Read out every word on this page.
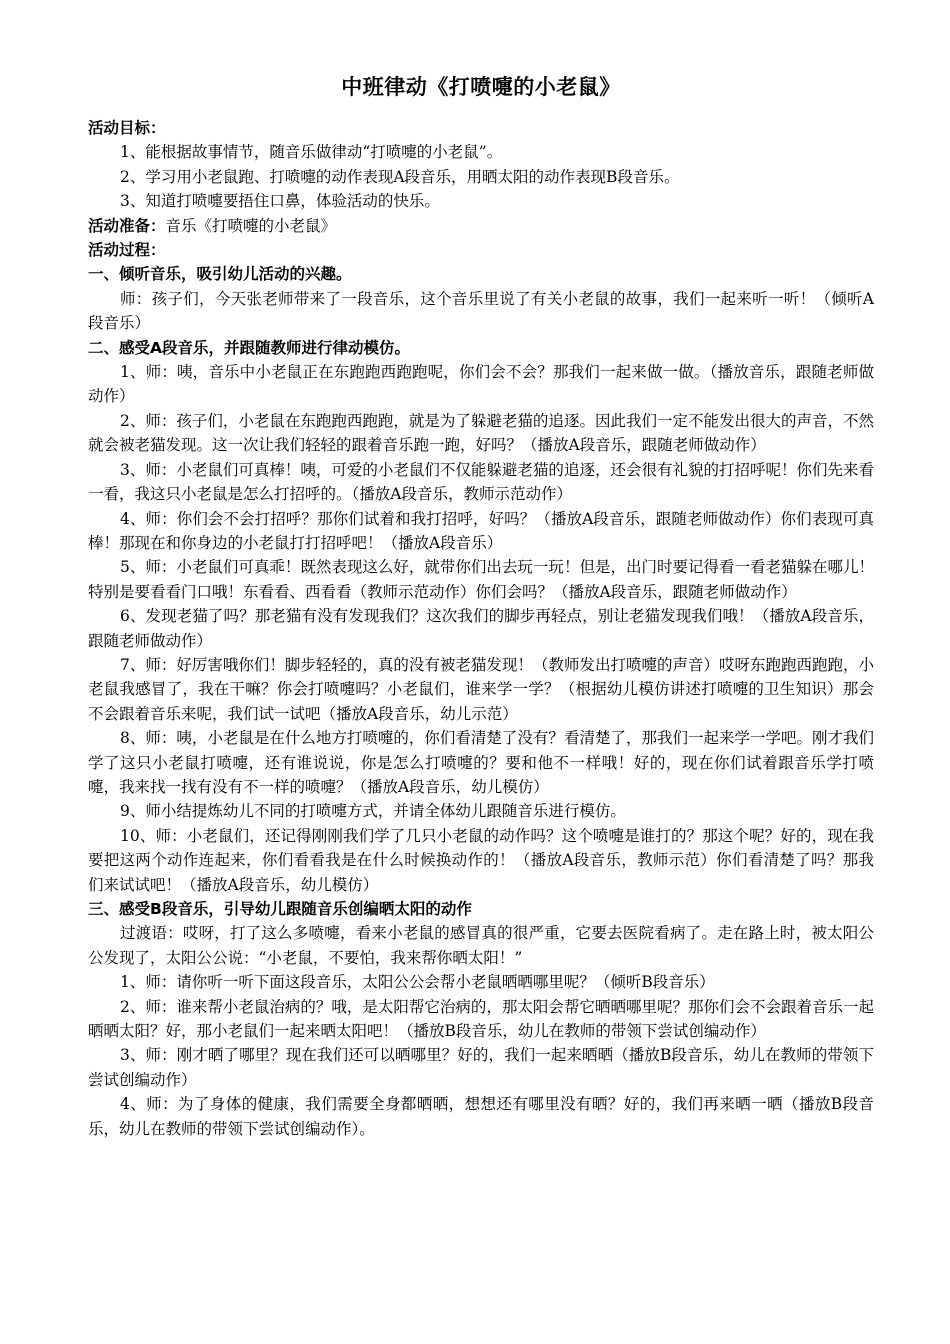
中班律动《打喷嚏的小老鼠》
活动目标：
1、能根据故事情节，随音乐做律动“打喷嚏的小老鼠”。
2、学习用小老鼠跑、打喷嚏的动作表现A段音乐，用晒太阳的动作表现B段音乐。
3、知道打喷嚏要捂住口鼻，体验活动的快乐。
活动准备：音乐《打喷嚏的小老鼠》
活动过程：
一、倾听音乐，吸引幼儿活动的兴趣。
师：孩子们，今天张老师带来了一段音乐，这个音乐里说了有关小老鼠的故事，我们一起来听一听！（倾听A段音乐）
二、感受A段音乐，并跟随教师进行律动模仿。
1、师：咦，音乐中小老鼠正在东跑跑西跑跑呢，你们会不会？那我们一起来做一做。（播放音乐，跟随老师做动作）
2、师：孩子们，小老鼠在东跑跑西跑跑，就是为了躲避老猫的追逐。因此我们一定不能发出很大的声音，不然就会被老猫发现。这一次让我们轻轻的跟着音乐跑一跑，好吗？（播放A段音乐，跟随老师做动作）
3、师：小老鼠们可真棒！咦，可爱的小老鼠们不仅能躲避老猫的追逐，还会很有礼貌的打招呼呢！你们先来看一看，我这只小老鼠是怎么打招呼的。（播放A段音乐，教师示范动作）
4、师：你们会不会打招呼？那你们试着和我打招呼，好吗？（播放A段音乐，跟随老师做动作）你们表现可真棒！那现在和你身边的小老鼠打打招呼吧！（播放A段音乐）
5、师：小老鼠们可真乖！既然表现这么好，就带你们出去玩一玩！但是，出门时要记得看一看老猫躲在哪儿！特别是要看看门口哦！东看看、西看看（教师示范动作）你们会吗？（播放A段音乐，跟随老师做动作）
6、发现老猫了吗？那老猫有没有发现我们？这次我们的脚步再轻点，别让老猫发现我们哦！（播放A段音乐，跟随老师做动作）
7、师：好厉害哦你们！脚步轻轻的，真的没有被老猫发现！（教师发出打喷嚏的声音）哎呀东跑跑西跑跑，小老鼠我感冒了，我在干嘛？你会打喷嚏吗？小老鼠们，谁来学一学？（根据幼儿模仿讲述打喷嚏的卫生知识）那会不会跟着音乐来呢，我们试一试吧（播放A段音乐，幼儿示范）
8、师：咦，小老鼠是在什么地方打喷嚏的，你们看清楚了没有？看清楚了，那我们一起来学一学吧。刚才我们学了这只小老鼠打喷嚏，还有谁说说，你是怎么打喷嚏的？要和他不一样哦！好的，现在你们试着跟音乐学打喷嚏，我来找一找有没有不一样的喷嚏？（播放A段音乐，幼儿模仿）
9、师小结提炼幼儿不同的打喷嚏方式，并请全体幼儿跟随音乐进行模仿。
10、师：小老鼠们，还记得刚刚我们学了几只小老鼠的动作吗？这个喷嚏是谁打的？那这个呢？好的，现在我要把这两个动作连起来，你们看看我是在什么时候换动作的！（播放A段音乐，教师示范）你们看清楚了吗？那我们来试试吧！（播放A段音乐，幼儿模仿）
三、感受B段音乐，引导幼儿跟随音乐创编晒太阳的动作
过渡语：哎呀，打了这么多喷嚏，看来小老鼠的感冒真的很严重，它要去医院看病了。走在路上时，被太阳公公发现了，太阳公公说：“小老鼠，不要怕，我来帮你晒太阳！”
1、师：请你听一听下面这段音乐，太阳公公会帮小老鼠晒晒哪里呢？（倾听B段音乐）
2、师：谁来帮小老鼠治病的？哦，是太阳帮它治病的，那太阳会帮它晒晒哪里呢？那你们会不会跟着音乐一起晒晒太阳？好，那小老鼠们一起来晒太阳吧！（播放B段音乐，幼儿在教师的带领下尝试创编动作）
3、师：刚才晒了哪里？现在我们还可以晒哪里？好的，我们一起来晒晒（播放B段音乐，幼儿在教师的带领下尝试创编动作）
4、师：为了身体的健康，我们需要全身都晒晒，想想还有哪里没有晒？好的，我们再来晒一晒（播放B段音乐，幼儿在教师的带领下尝试创编动作）。
